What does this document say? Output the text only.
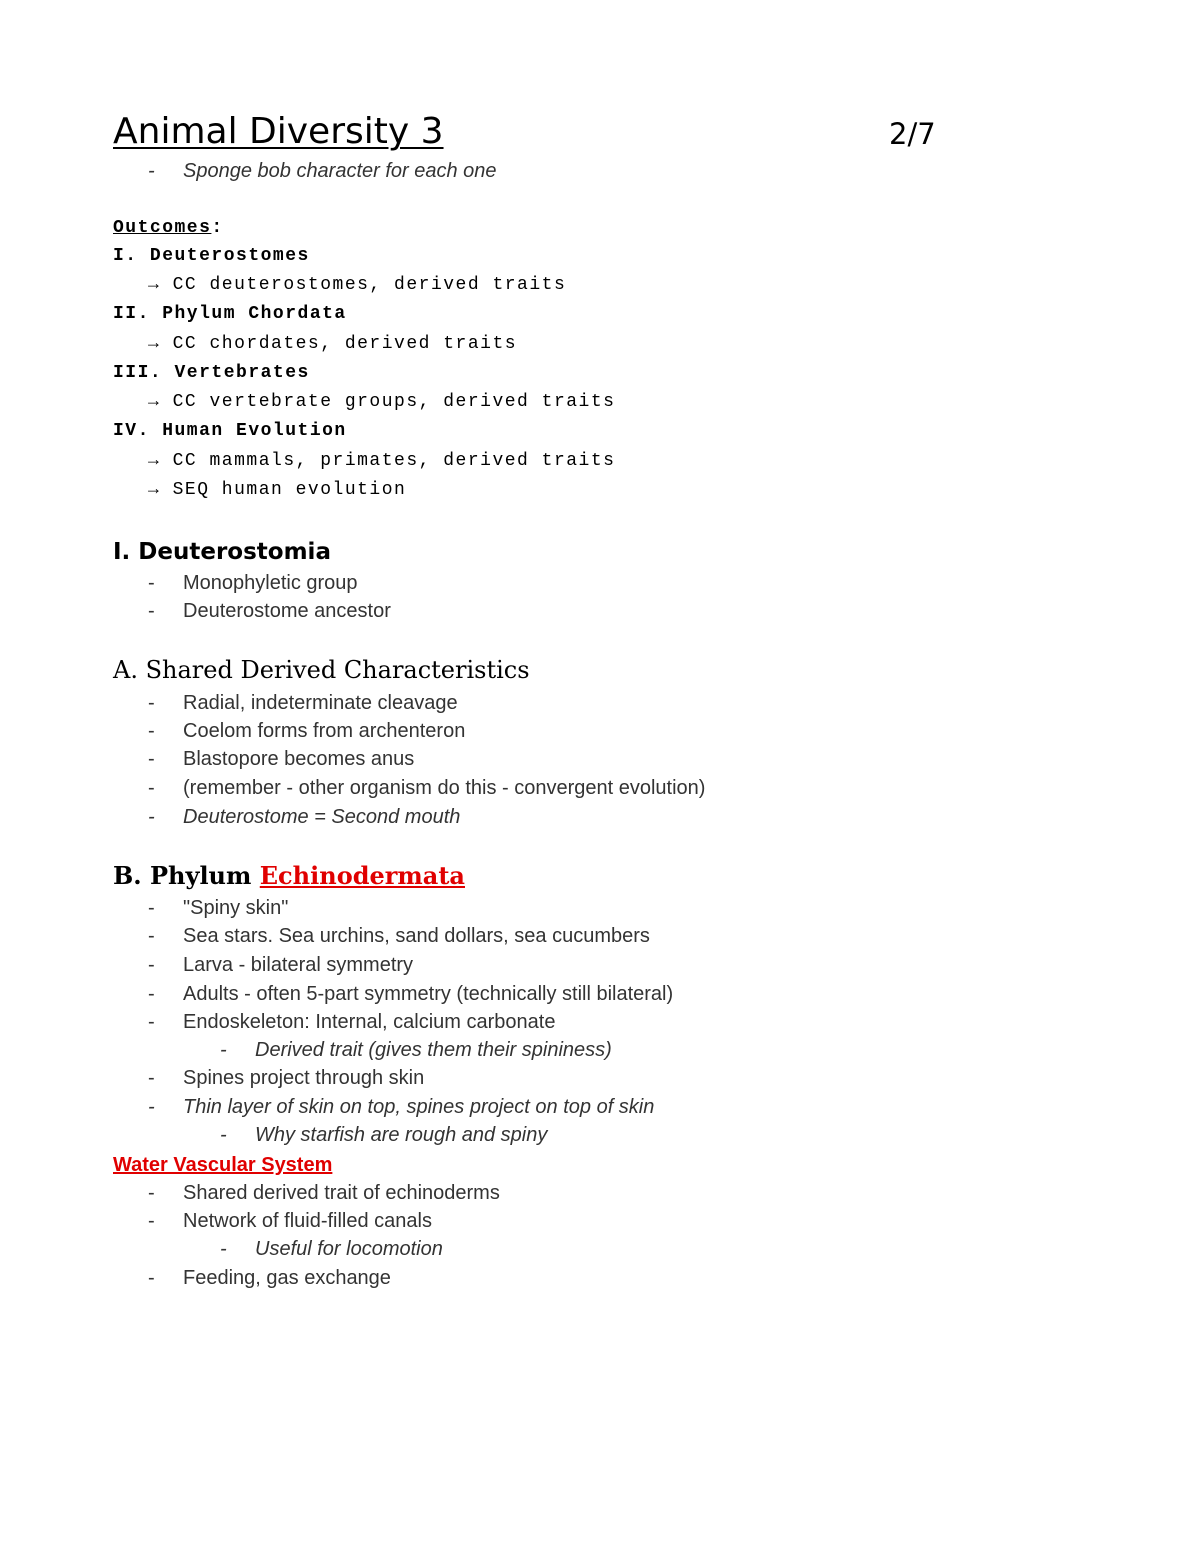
Animal Diversity 3	2/7
- Sponge bob character for each one
Outcomes:
I. Deuterostomes
→ CC deuterostomes, derived traits
II. Phylum Chordata
→ CC chordates, derived traits
III. Vertebrates
→ CC vertebrate groups, derived traits
IV. Human Evolution
→ CC mammals, primates, derived traits
→ SEQ human evolution
I. Deuterostomia
- Monophyletic group
- Deuterostome ancestor
A. Shared Derived Characteristics
- Radial, indeterminate cleavage
- Coelom forms from archenteron
- Blastopore becomes anus
- (remember - other organism do this - convergent evolution)
- Deuterostome = Second mouth
B. Phylum Echinodermata
- "Spiny skin"
- Sea stars. Sea urchins, sand dollars, sea cucumbers
- Larva - bilateral symmetry
- Adults - often 5-part symmetry (technically still bilateral)
- Endoskeleton: Internal, calcium carbonate
- Derived trait (gives them their spininess)
- Spines project through skin
- Thin layer of skin on top, spines project on top of skin
- Why starfish are rough and spiny
Water Vascular System
- Shared derived trait of echinoderms
- Network of fluid-filled canals
- Useful for locomotion
- Feeding, gas exchange
